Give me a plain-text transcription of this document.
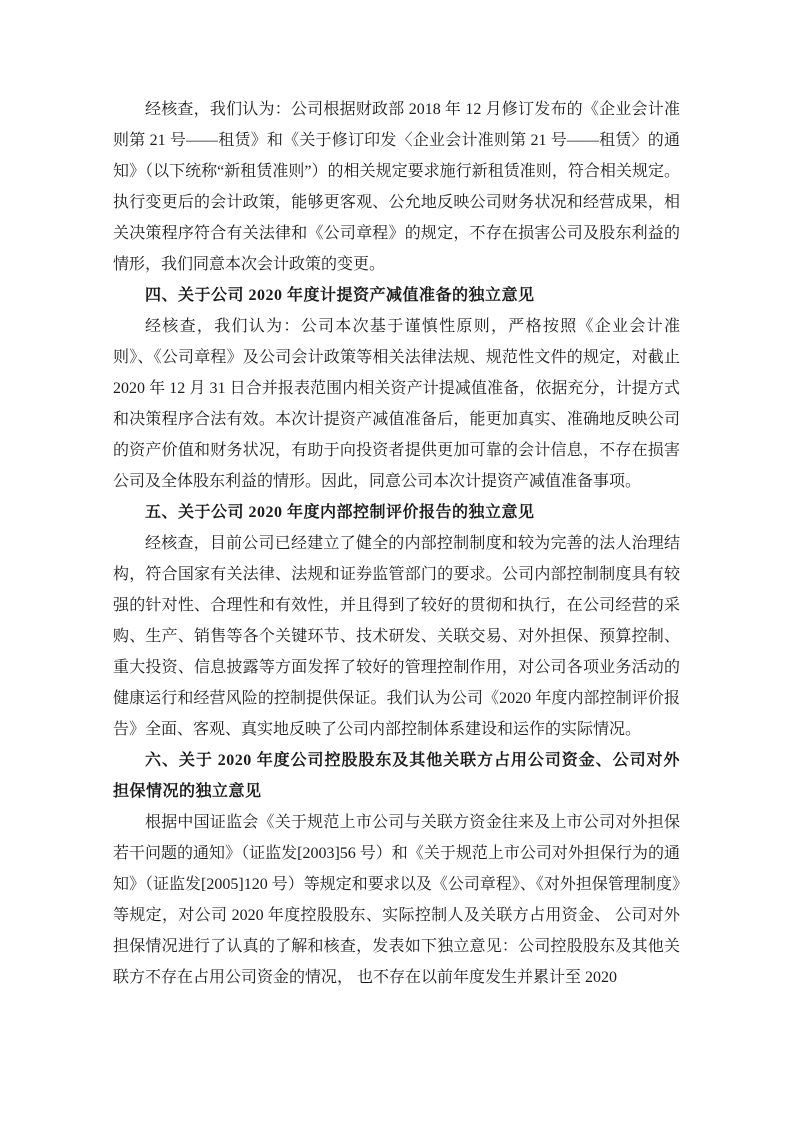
经核查，我们认为：公司根据财政部 2018 年 12 月修订发布的《企业会计准则第 21 号——租赁》和《关于修订印发〈企业会计准则第 21 号——租赁〉的通知》（以下统称“新租赁准则”）的相关规定要求施行新租赁准则，符合相关规定。执行变更后的会计政策，能够更客观、公允地反映公司财务状况和经营成果，相关决策程序符合有关法律和《公司章程》的规定，不存在损害公司及股东利益的情形，我们同意本次会计政策的变更。

四、关于公司 2020 年度计提资产减值准备的独立意见

经核查，我们认为：公司本次基于谨慎性原则，严格按照《企业会计准则》、《公司章程》及公司会计政策等相关法律法规、规范性文件的规定，对截止 2020 年 12 月 31 日合并报表范围内相关资产计提减值准备，依据充分，计提方式和决策程序合法有效。本次计提资产减值准备后，能更加真实、准确地反映公司的资产价值和财务状况，有助于向投资者提供更加可靠的会计信息，不存在损害公司及全体股东利益的情形。因此，同意公司本次计提资产减值准备事项。

五、关于公司 2020 年度内部控制评价报告的独立意见

经核查，目前公司已经建立了健全的内部控制制度和较为完善的法人治理结构，符合国家有关法律、法规和证券监管部门的要求。公司内部控制制度具有较强的针对性、合理性和有效性，并且得到了较好的贯彻和执行，在公司经营的采购、生产、销售等各个关键环节、技术研发、关联交易、对外担保、预算控制、重大投资、信息披露等方面发挥了较好的管理控制作用，对公司各项业务活动的健康运行和经营风险的控制提供保证。我们认为公司《2020 年度内部控制评价报告》全面、客观、真实地反映了公司内部控制体系建设和运作的实际情况。

六、关于 2020 年度公司控股股东及其他关联方占用公司资金、公司对外担保情况的独立意见

根据中国证监会《关于规范上市公司与关联方资金往来及上市公司对外担保若干问题的通知》（证监发[2003]56 号）和《关于规范上市公司对外担保行为的通知》（证监发[2005]120 号）等规定和要求以及《公司章程》、《对外担保管理制度》等规定，对公司 2020 年度控股股东、实际控制人及关联方占用资金、 公司对外担保情况进行了认真的了解和核查，发表如下独立意见：公司控股股东及其他关联方不存在占用公司资金的情况， 也不存在以前年度发生并累计至 2020
